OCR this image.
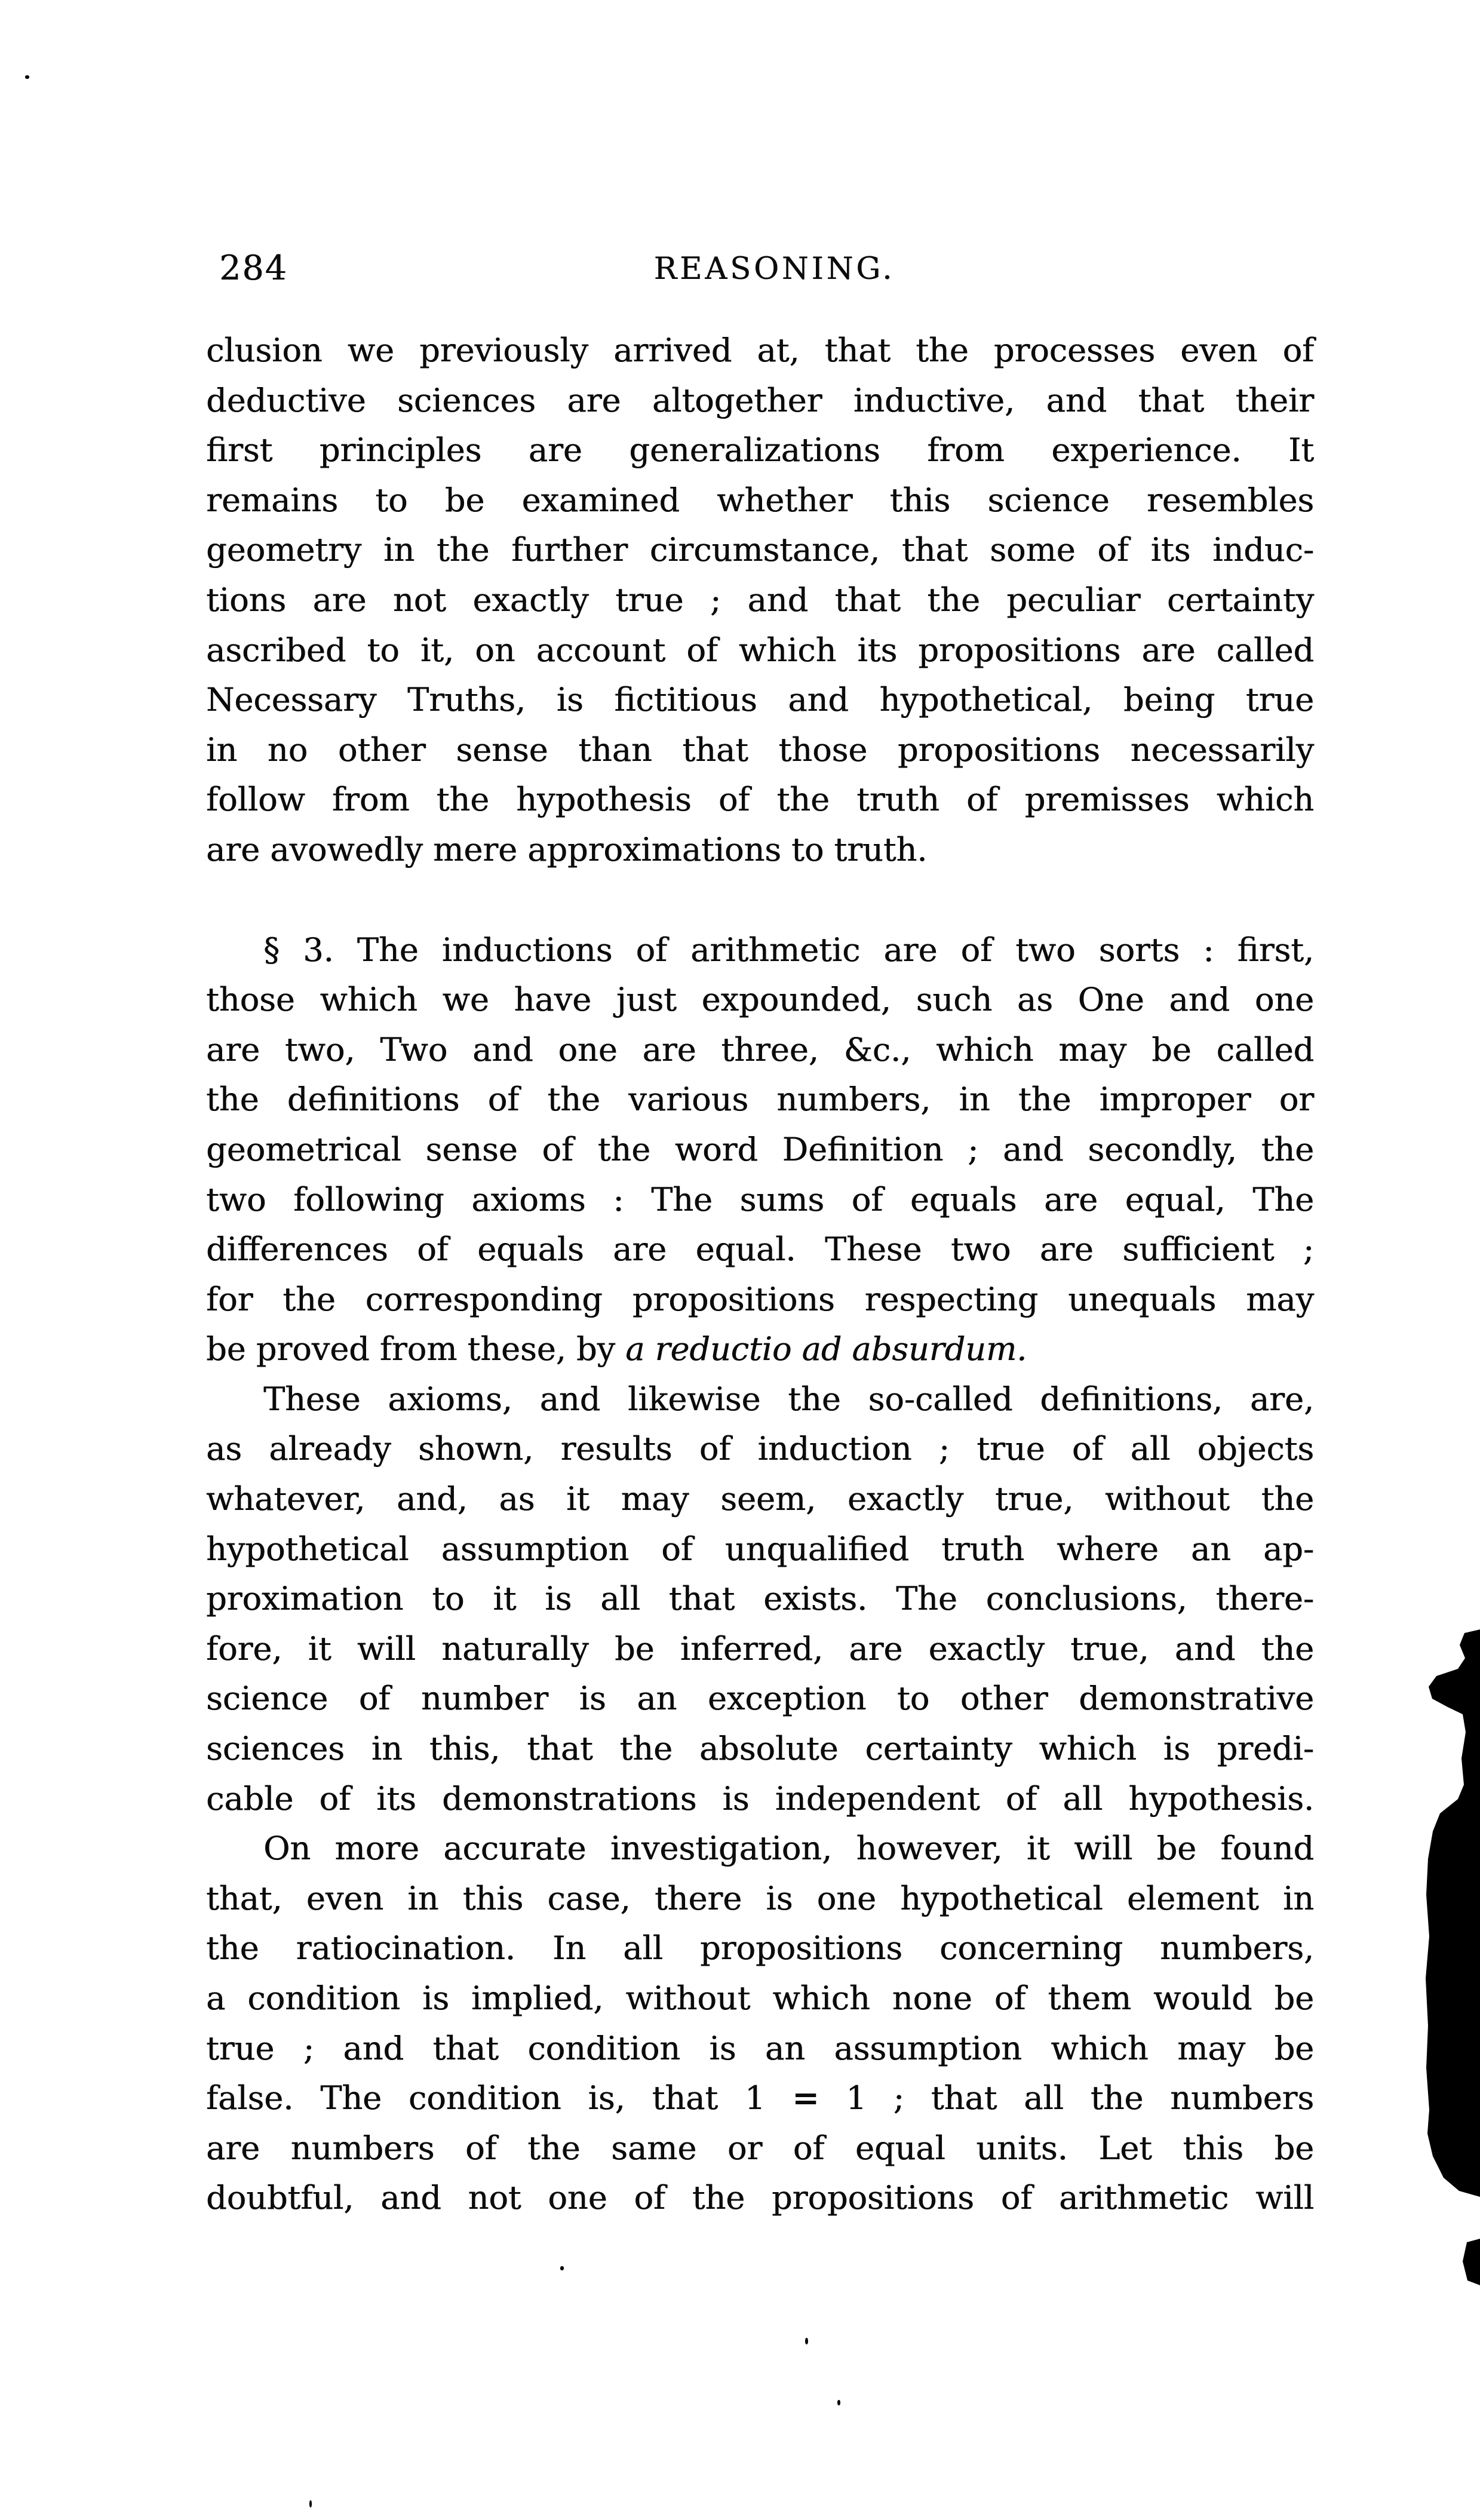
284	REASONING.
clusion we previously arrived at, that the processes even of
deductive sciences are altogether inductive, and that their
first principles are generalizations from experience. It
remains to be examined whether this science resembles
geometry in the further circumstance, that some of its induc-
tions are not exactly true ; and that the peculiar certainty
ascribed to it, on account of which its propositions are called
Necessary Truths, is fictitious and hypothetical, being true
in no other sense than that those propositions necessarily
follow from the hypothesis of the truth of premisses which
are avowedly mere approximations to truth.
§ 3. The inductions of arithmetic are of two sorts : first,
those which we have just expounded, such as One and one
are two, Two and one are three, &c., which may be called
the definitions of the various numbers, in the improper or
geometrical sense of the word Definition ; and secondly, the
two following axioms : The sums of equals are equal, The
differences of equals are equal. These two are sufficient ;
for the corresponding propositions respecting unequals may
be proved from these, by a reductio ad absurdum.
These axioms, and likewise the so-called definitions, are,
as already shown, results of induction ; true of all objects
whatever, and, as it may seem, exactly true, without the
hypothetical assumption of unqualified truth where an ap-
proximation to it is all that exists. The conclusions, there-
fore, it will naturally be inferred, are exactly true, and the
science of number is an exception to other demonstrative
sciences in this, that the absolute certainty which is predi-
cable of its demonstrations is independent of all hypothesis.
On more accurate investigation, however, it will be found
that, even in this case, there is one hypothetical element in
the ratiocination. In all propositions concerning numbers,
a condition is implied, without which none of them would be
true ; and that condition is an assumption which may be
false. The condition is, that 1 = 1 ; that all the numbers
are numbers of the same or of equal units. Let this be
doubtful, and not one of the propositions of arithmetic will
